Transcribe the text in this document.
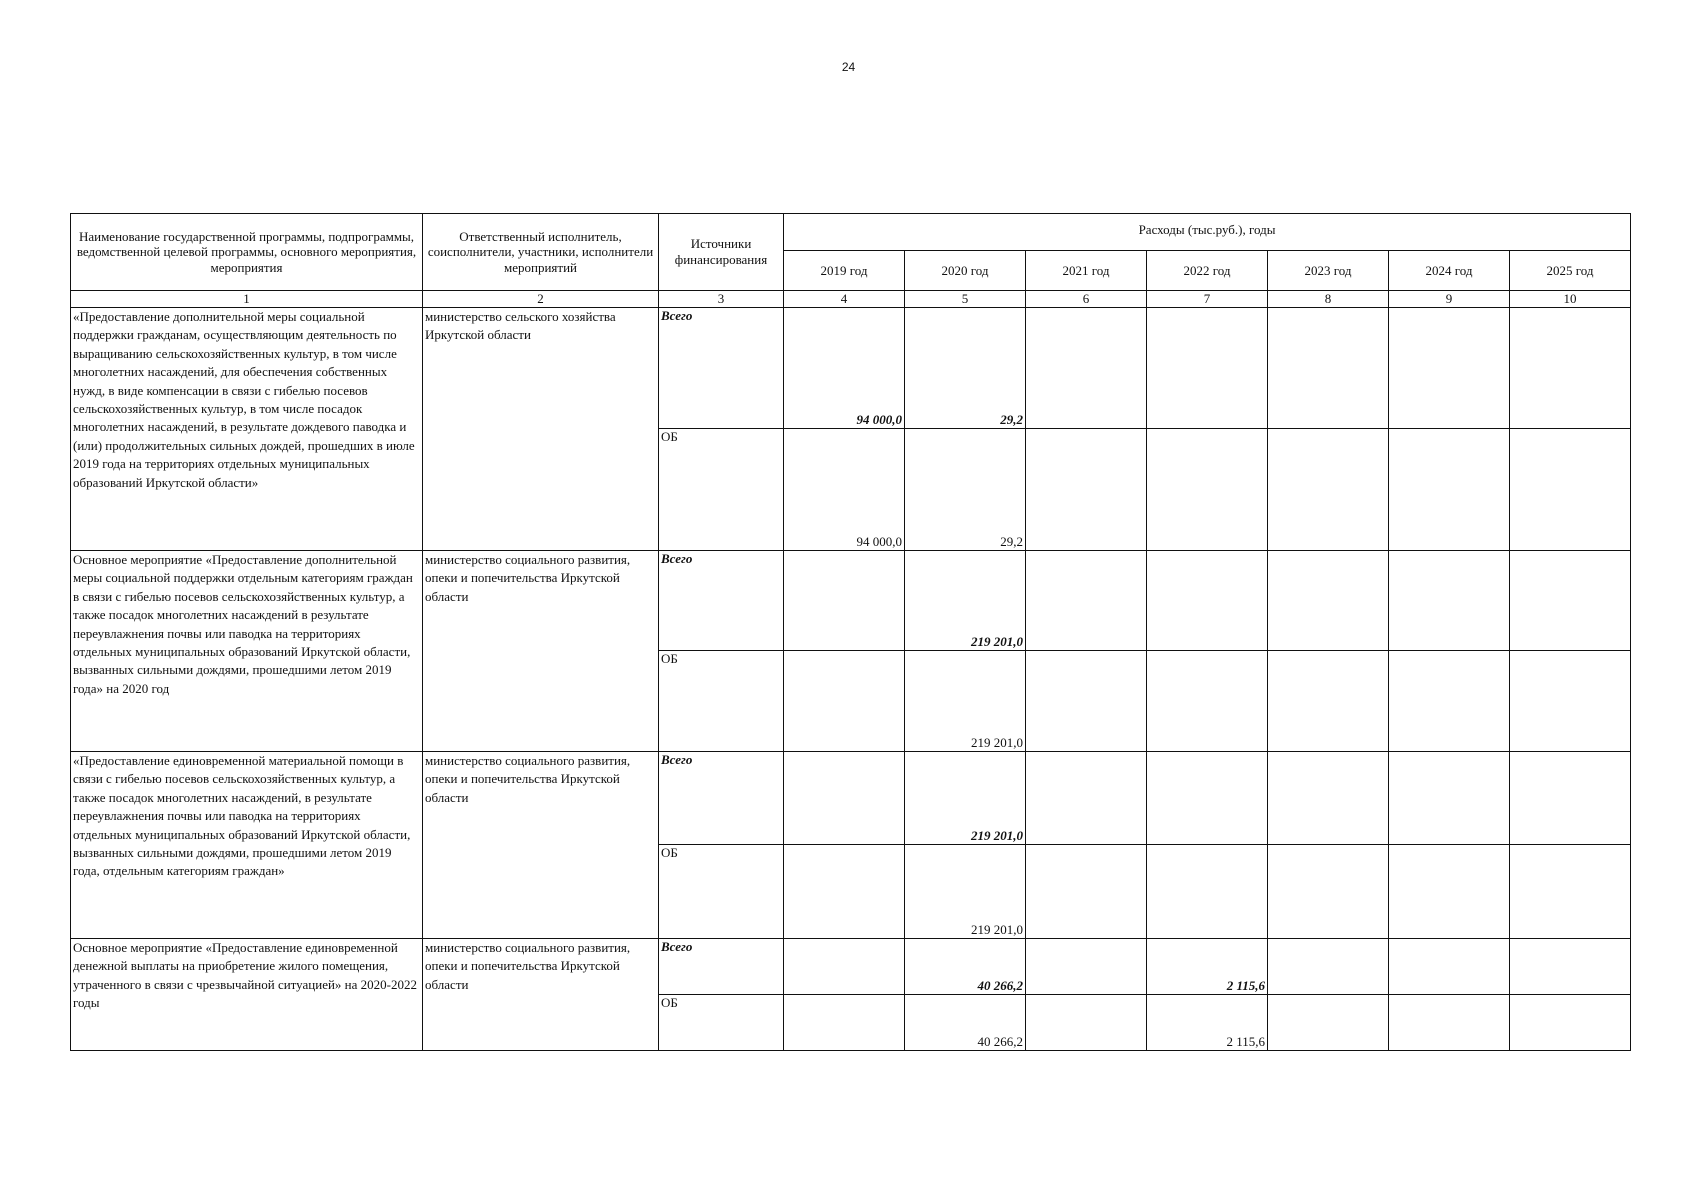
24
Наименование государственной программы, подпрограммы, ведомственной целевой программы, основного мероприятия, мероприятия	Ответственный исполнитель, соисполнители, участники, исполнители мероприятий	Источники финансирования	Расходы (тыс.руб.), годы						
			2019 год	2020 год	2021 год	2022 год	2023 год	2024 год	2025 год
1	2	3	4	5	6	7	8	9	10
«Предоставление дополнительной меры социальной поддержки гражданам, осуществляющим деятельность по выращиванию сельскохозяйственных культур, в том числе многолетних насаждений, для обеспечения собственных нужд, в виде компенсации в связи с гибелью посевов сельскохозяйственных культур, в том числе посадок многолетних насаждений, в результате дождевого паводка и (или) продолжительных сильных дождей, прошедших в июле 2019 года на территориях отдельных муниципальных образований Иркутской области»	министерство сельского хозяйства Иркутской области	Всего	94 000,0	29,2					
		ОБ	94 000,0	29,2					
Основное мероприятие «Предоставление дополнительной меры социальной поддержки отдельным категориям граждан в связи с гибелью посевов сельскохозяйственных культур, а также посадок многолетних насаждений в результате переувлажнения почвы или паводка на территориях отдельных муниципальных образований Иркутской области, вызванных сильными дождями, прошедшими летом 2019 года» на 2020 год	министерство социального развития, опеки и попечительства Иркутской области	Всего		219 201,0					
		ОБ		219 201,0					
«Предоставление единовременной материальной помощи в связи с гибелью посевов сельскохозяйственных культур, а также посадок многолетних насаждений, в результате переувлажнения почвы или паводка на территориях отдельных муниципальных образований Иркутской области, вызванных сильными дождями, прошедшими летом 2019 года, отдельным категориям граждан»	министерство социального развития, опеки и попечительства Иркутской области	Всего		219 201,0					
		ОБ		219 201,0					
Основное мероприятие «Предоставление единовременной денежной выплаты на приобретение жилого помещения, утраченного в связи с чрезвычайной ситуацией» на 2020-2022 годы	министерство социального развития, опеки и попечительства Иркутской области	Всего		40 266,2		2 115,6			
		ОБ		40 266,2		2 115,6			
